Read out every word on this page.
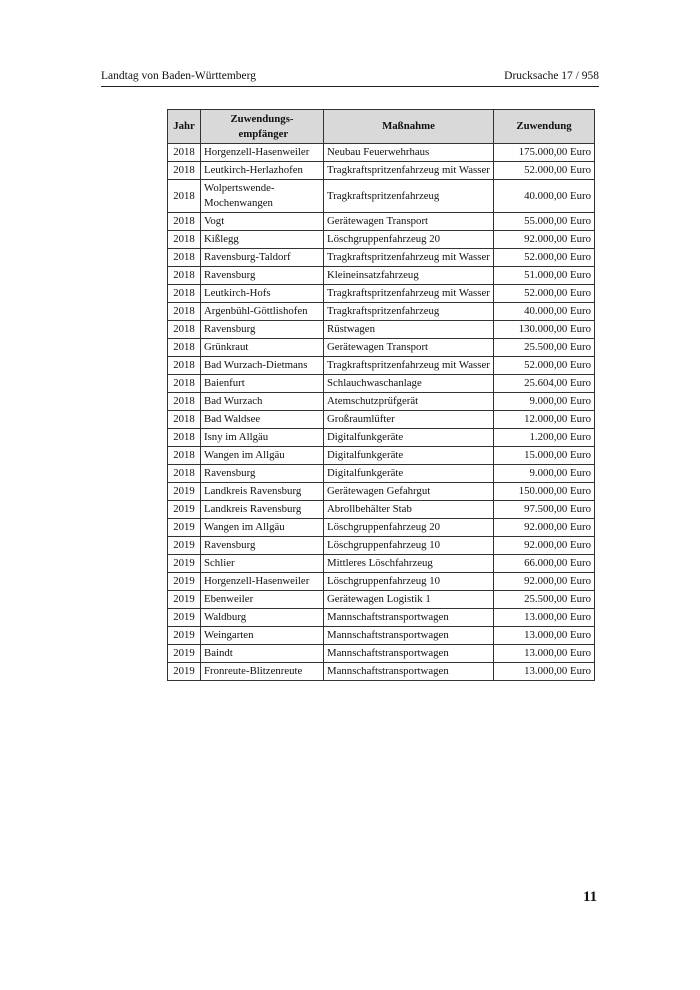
Landtag von Baden-Württemberg	Drucksache 17 / 958
Jahr	Zuwendungs- empfänger	Maßnahme	Zuwendung
2018	Horgenzell-Hasenweiler	Neubau Feuerwehrhaus	175.000,00 Euro
2018	Leutkirch-Herlazhofen	Tragkraftspritzenfahrzeug mit Wasser	52.000,00 Euro
2018	Wolpertswende-Mochenwangen	Tragkraftspritzenfahrzeug	40.000,00 Euro
2018	Vogt	Gerätewagen Transport	55.000,00 Euro
2018	Kißlegg	Löschgruppenfahrzeug 20	92.000,00 Euro
2018	Ravensburg-Taldorf	Tragkraftspritzenfahrzeug mit Wasser	52.000,00 Euro
2018	Ravensburg	Kleineinsatzfahrzeug	51.000,00 Euro
2018	Leutkirch-Hofs	Tragkraftspritzenfahrzeug mit Wasser	52.000,00 Euro
2018	Argenbühl-Göttlishofen	Tragkraftspritzenfahrzeug	40.000,00 Euro
2018	Ravensburg	Rüstwagen	130.000,00 Euro
2018	Grünkraut	Gerätewagen Transport	25.500,00 Euro
2018	Bad Wurzach-Dietmans	Tragkraftspritzenfahrzeug mit Wasser	52.000,00 Euro
2018	Baienfurt	Schlauchwaschanlage	25.604,00 Euro
2018	Bad Wurzach	Atemschutzprüfgerät	9.000,00 Euro
2018	Bad Waldsee	Großraumlüfter	12.000,00 Euro
2018	Isny im Allgäu	Digitalfunkgeräte	1.200,00 Euro
2018	Wangen im Allgäu	Digitalfunkgeräte	15.000,00 Euro
2018	Ravensburg	Digitalfunkgeräte	9.000,00 Euro
2019	Landkreis Ravensburg	Gerätewagen Gefahrgut	150.000,00 Euro
2019	Landkreis Ravensburg	Abrollbehälter Stab	97.500,00 Euro
2019	Wangen im Allgäu	Löschgruppenfahrzeug 20	92.000,00 Euro
2019	Ravensburg	Löschgruppenfahrzeug 10	92.000,00 Euro
2019	Schlier	Mittleres Löschfahrzeug	66.000,00 Euro
2019	Horgenzell-Hasenweiler	Löschgruppenfahrzeug 10	92.000,00 Euro
2019	Ebenweiler	Gerätewagen Logistik 1	25.500,00 Euro
2019	Waldburg	Mannschaftstransportwagen	13.000,00 Euro
2019	Weingarten	Mannschaftstransportwagen	13.000,00 Euro
2019	Baindt	Mannschaftstransportwagen	13.000,00 Euro
2019	Fronreute-Blitzenreute	Mannschaftstransportwagen	13.000,00 Euro
11
